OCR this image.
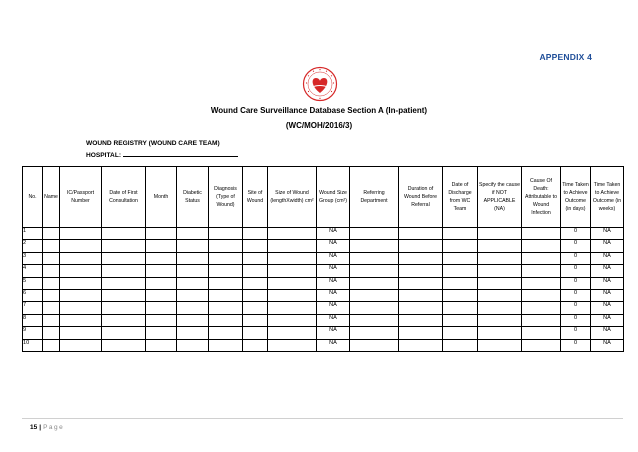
APPENDIX 4
Wound Care Surveillance Database Section A (In-patient)
(WC/MOH/2016/3)
WOUND REGISTRY (WOUND CARE TEAM)
HOSPITAL:
No.	Name	IC/Passport Number	Date of First Consultation	Month	Diabetic Status	Diagnosis (Type of Wound)	Site of Wound	Size of Wound (lengthXwidth) cm²	Wound Size Group (cm²)	Referring Department	Duration of Wound Before Referral	Date of Discharge from WC Team	Specify the cause if NOT APPLICABLE (NA)	Cause Of Death: Attributable to Wound Infection	Time Taken to Achieve Outcome (in days)	Time Taken to Achieve Outcome (in weeks)
1									NA						0	NA
2									NA						0	NA
3									NA						0	NA
4									NA						0	NA
5									NA						0	NA
6									NA						0	NA
7									NA						0	NA
8									NA						0	NA
9									NA						0	NA
10									NA						0	NA
15 | Page
